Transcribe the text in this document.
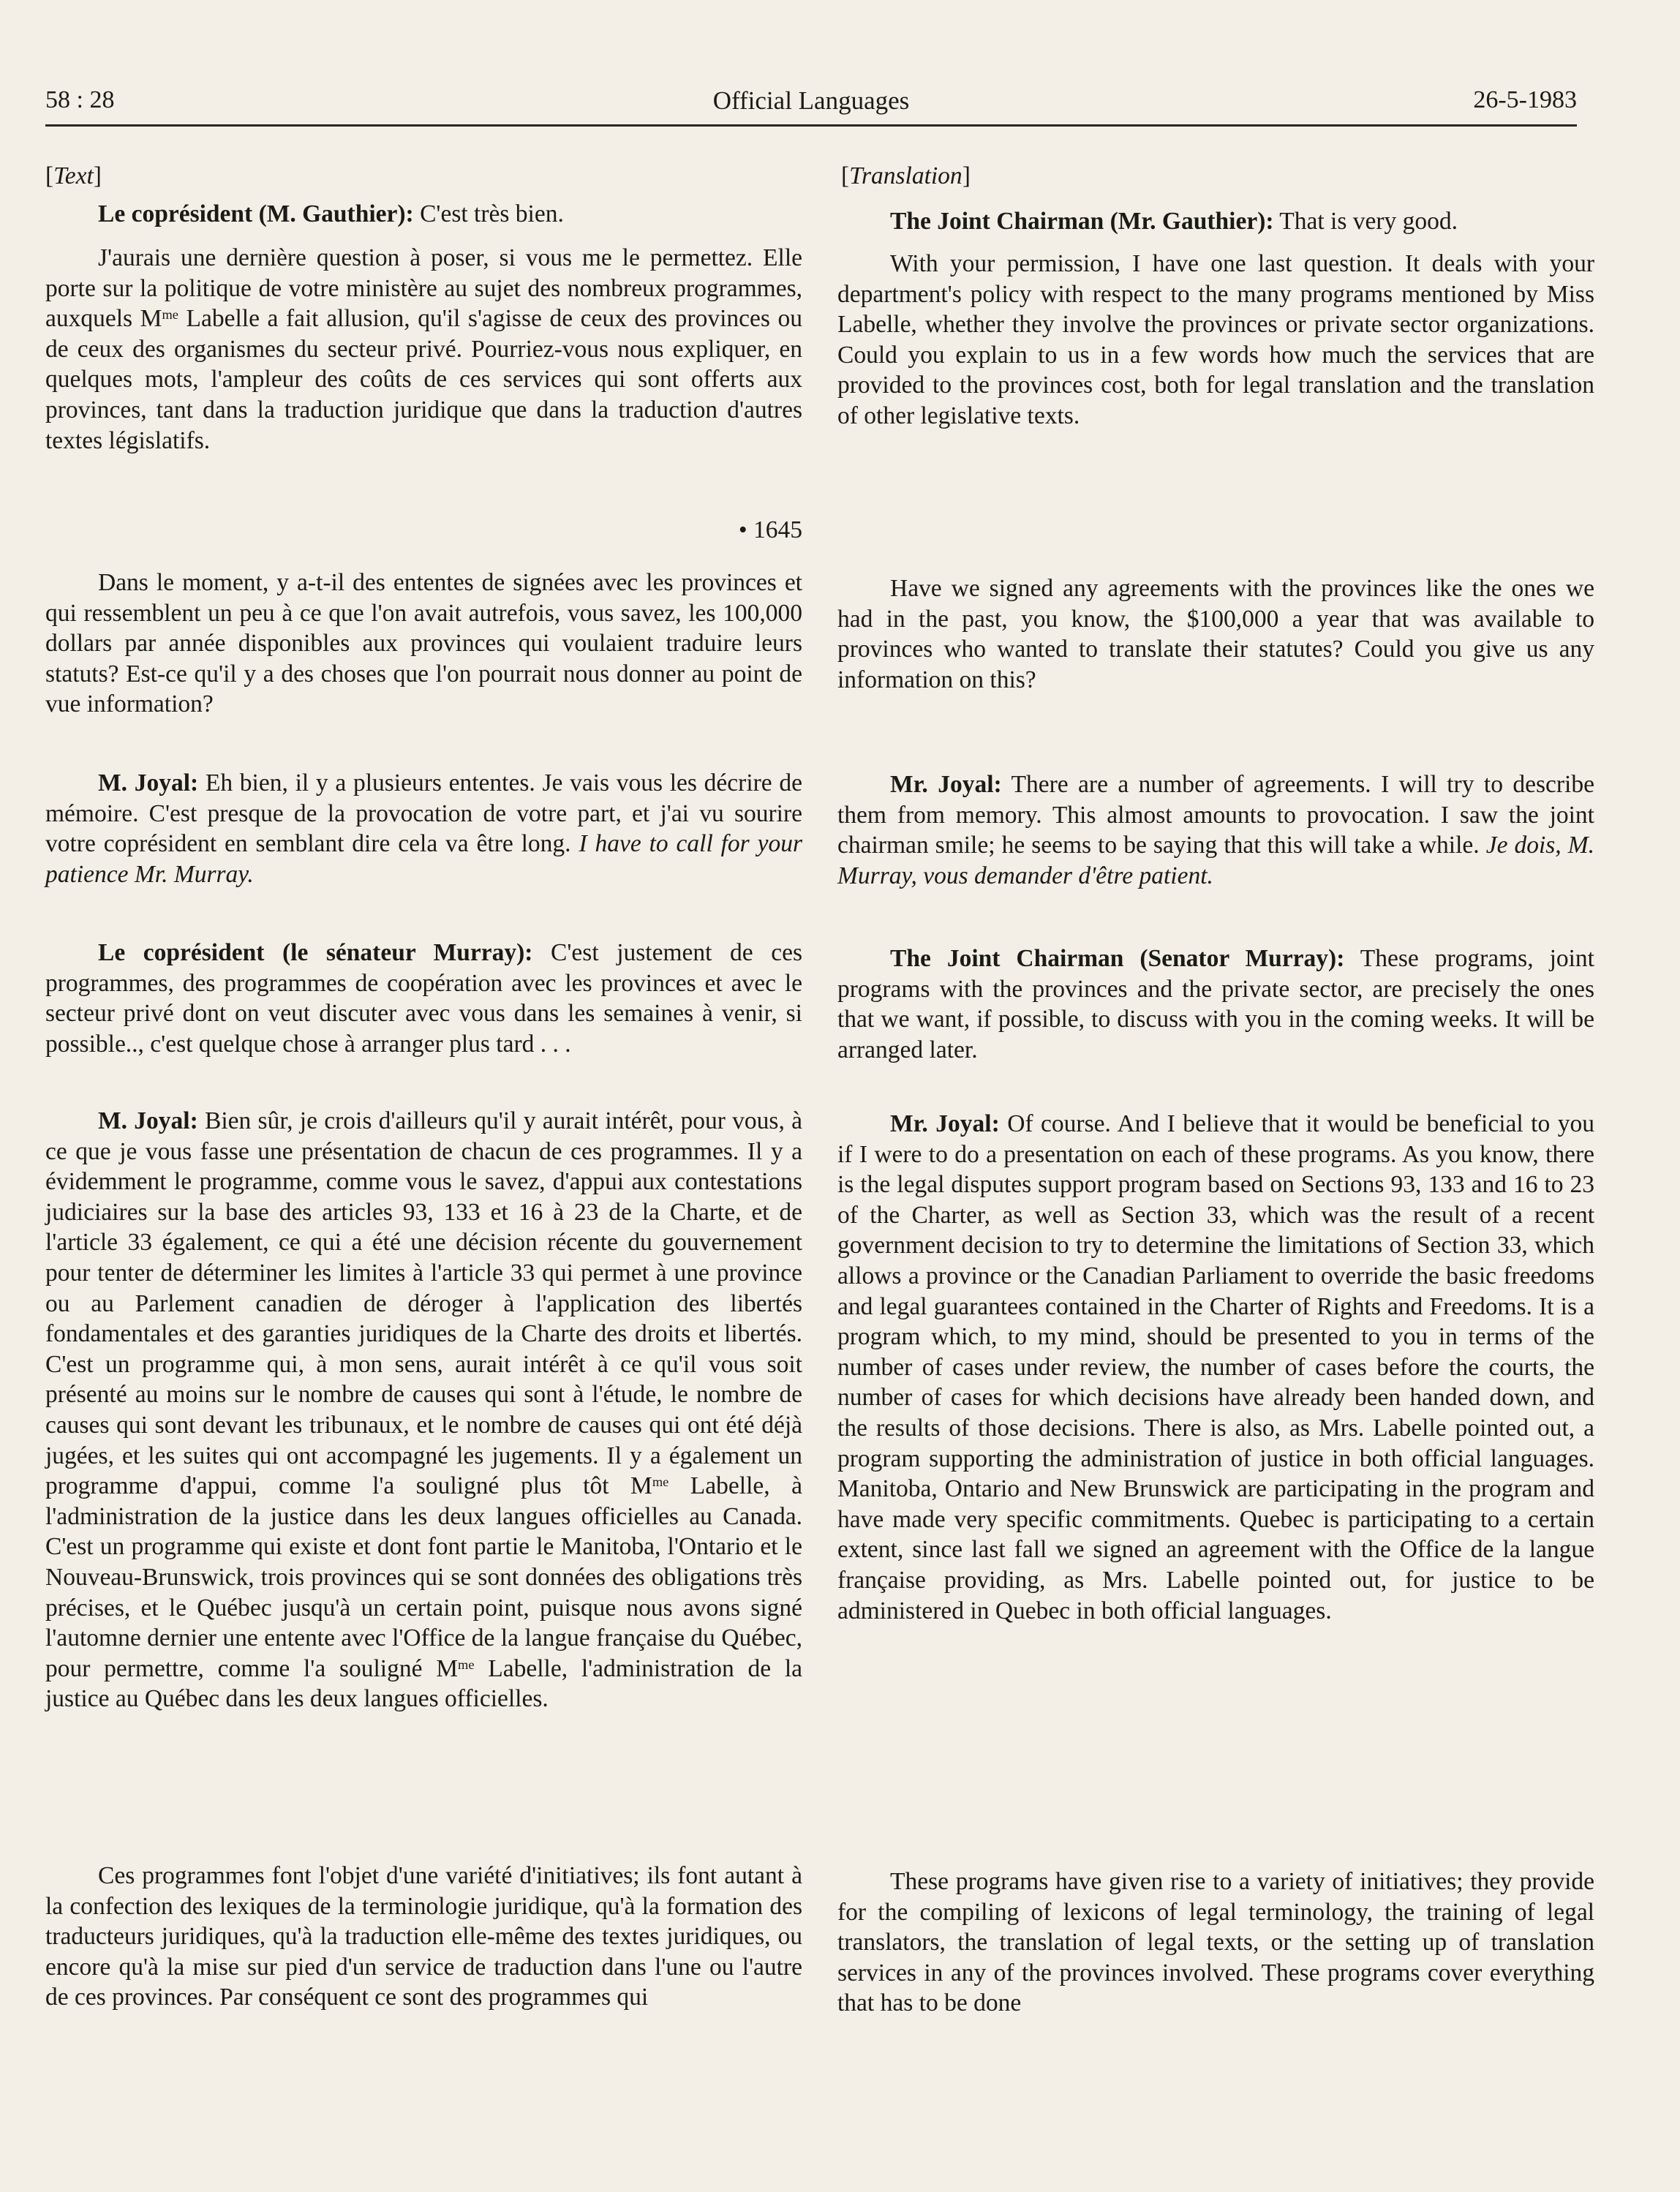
58 : 28	Official Languages	26-5-1983
[Text]

Le coprésident (M. Gauthier): C'est très bien.

J'aurais une dernière question à poser, si vous me le permettez. Elle porte sur la politique de votre ministère au sujet des nombreux programmes, auxquels $M^{me}$ Labelle a fait allusion, qu'il s'agisse de ceux des provinces ou de ceux des organismes du secteur privé. Pourriez-vous nous expliquer, en quelques mots, l'ampleur des coûts de ces services qui sont offerts aux provinces, tant dans la traduction juridique que dans la traduction d'autres textes législatifs.

• 1645

Dans le moment, y a-t-il des ententes de signées avec les provinces et qui ressemblent un peu à ce que l'on avait autrefois, vous savez, les 100,000 dollars par année disponibles aux provinces qui voulaient traduire leurs statuts? Est-ce qu'il y a des choses que l'on pourrait nous donner au point de vue information?

M. Joyal: Eh bien, il y a plusieurs ententes. Je vais vous les décrire de mémoire. C'est presque de la provocation de votre part, et j'ai vu sourire votre coprésident en semblant dire cela va être long. I have to call for your patience Mr. Murray.

Le coprésident (le sénateur Murray): C'est justement de ces programmes, des programmes de coopération avec les provinces et avec le secteur privé dont on veut discuter avec vous dans les semaines à venir, si possible.., c'est quelque chose à arranger plus tard . . .

M. Joyal: Bien sûr, je crois d'ailleurs qu'il y aurait intérêt, pour vous, à ce que je vous fasse une présentation de chacun de ces programmes. Il y a évidemment le programme, comme vous le savez, d'appui aux contestations judiciaires sur la base des articles 93, 133 et 16 à 23 de la Charte, et de l'article 33 également, ce qui a été une décision récente du gouvernement pour tenter de déterminer les limites à l'article 33 qui permet à une province ou au Parlement canadien de déroger à l'application des libertés fondamentales et des garanties juridiques de la Charte des droits et libertés. C'est un programme qui, à mon sens, aurait intérêt à ce qu'il vous soit présenté au moins sur le nombre de causes qui sont à l'étude, le nombre de causes qui sont devant les tribunaux, et le nombre de causes qui ont été déjà jugées, et les suites qui ont accompagné les jugements. Il y a également un programme d'appui, comme l'a souligné plus tôt $M^{me}$ Labelle, à l'administration de la justice dans les deux langues officielles au Canada. C'est un programme qui existe et dont font partie le Manitoba, l'Ontario et le Nouveau-Brunswick, trois provinces qui se sont données des obligations très précises, et le Québec jusqu'à un certain point, puisque nous avons signé l'automne dernier une entente avec l'Office de la langue française du Québec, pour permettre, comme l'a souligné $M^{me}$ Labelle, l'administration de la justice au Québec dans les deux langues officielles.

Ces programmes font l'objet d'une variété d'initiatives; ils font autant à la confection des lexiques de la terminologie juridique, qu'à la formation des traducteurs juridiques, qu'à la traduction elle-même des textes juridiques, ou encore qu'à la mise sur pied d'un service de traduction dans l'une ou l'autre de ces provinces. Par conséquent ce sont des programmes qui

[Translation]

The Joint Chairman (Mr. Gauthier): That is very good.

With your permission, I have one last question. It deals with your department's policy with respect to the many programs mentioned by Miss Labelle, whether they involve the provinces or private sector organizations. Could you explain to us in a few words how much the services that are provided to the provinces cost, both for legal translation and the translation of other legislative texts.

Have we signed any agreements with the provinces like the ones we had in the past, you know, the $100,000 a year that was available to provinces who wanted to translate their statutes? Could you give us any information on this?

Mr. Joyal: There are a number of agreements. I will try to describe them from memory. This almost amounts to provocation. I saw the joint chairman smile; he seems to be saying that this will take a while. Je dois, M. Murray, vous demander d'être patient.

The Joint Chairman (Senator Murray): These programs, joint programs with the provinces and the private sector, are precisely the ones that we want, if possible, to discuss with you in the coming weeks. It will be arranged later.

Mr. Joyal: Of course. And I believe that it would be beneficial to you if I were to do a presentation on each of these programs. As you know, there is the legal disputes support program based on Sections 93, 133 and 16 to 23 of the Charter, as well as Section 33, which was the result of a recent government decision to try to determine the limitations of Section 33, which allows a province or the Canadian Parliament to override the basic freedoms and legal guarantees contained in the Charter of Rights and Freedoms. It is a program which, to my mind, should be presented to you in terms of the number of cases under review, the number of cases before the courts, the number of cases for which decisions have already been handed down, and the results of those decisions. There is also, as Mrs. Labelle pointed out, a program supporting the administration of justice in both official languages. Manitoba, Ontario and New Brunswick are participating in the program and have made very specific commitments. Quebec is participating to a certain extent, since last fall we signed an agreement with the Office de la langue française providing, as Mrs. Labelle pointed out, for justice to be administered in Quebec in both official languages.

These programs have given rise to a variety of initiatives; they provide for the compiling of lexicons of legal terminology, the training of legal translators, the translation of legal texts, or the setting up of translation services in any of the provinces involved. These programs cover everything that has to be done
